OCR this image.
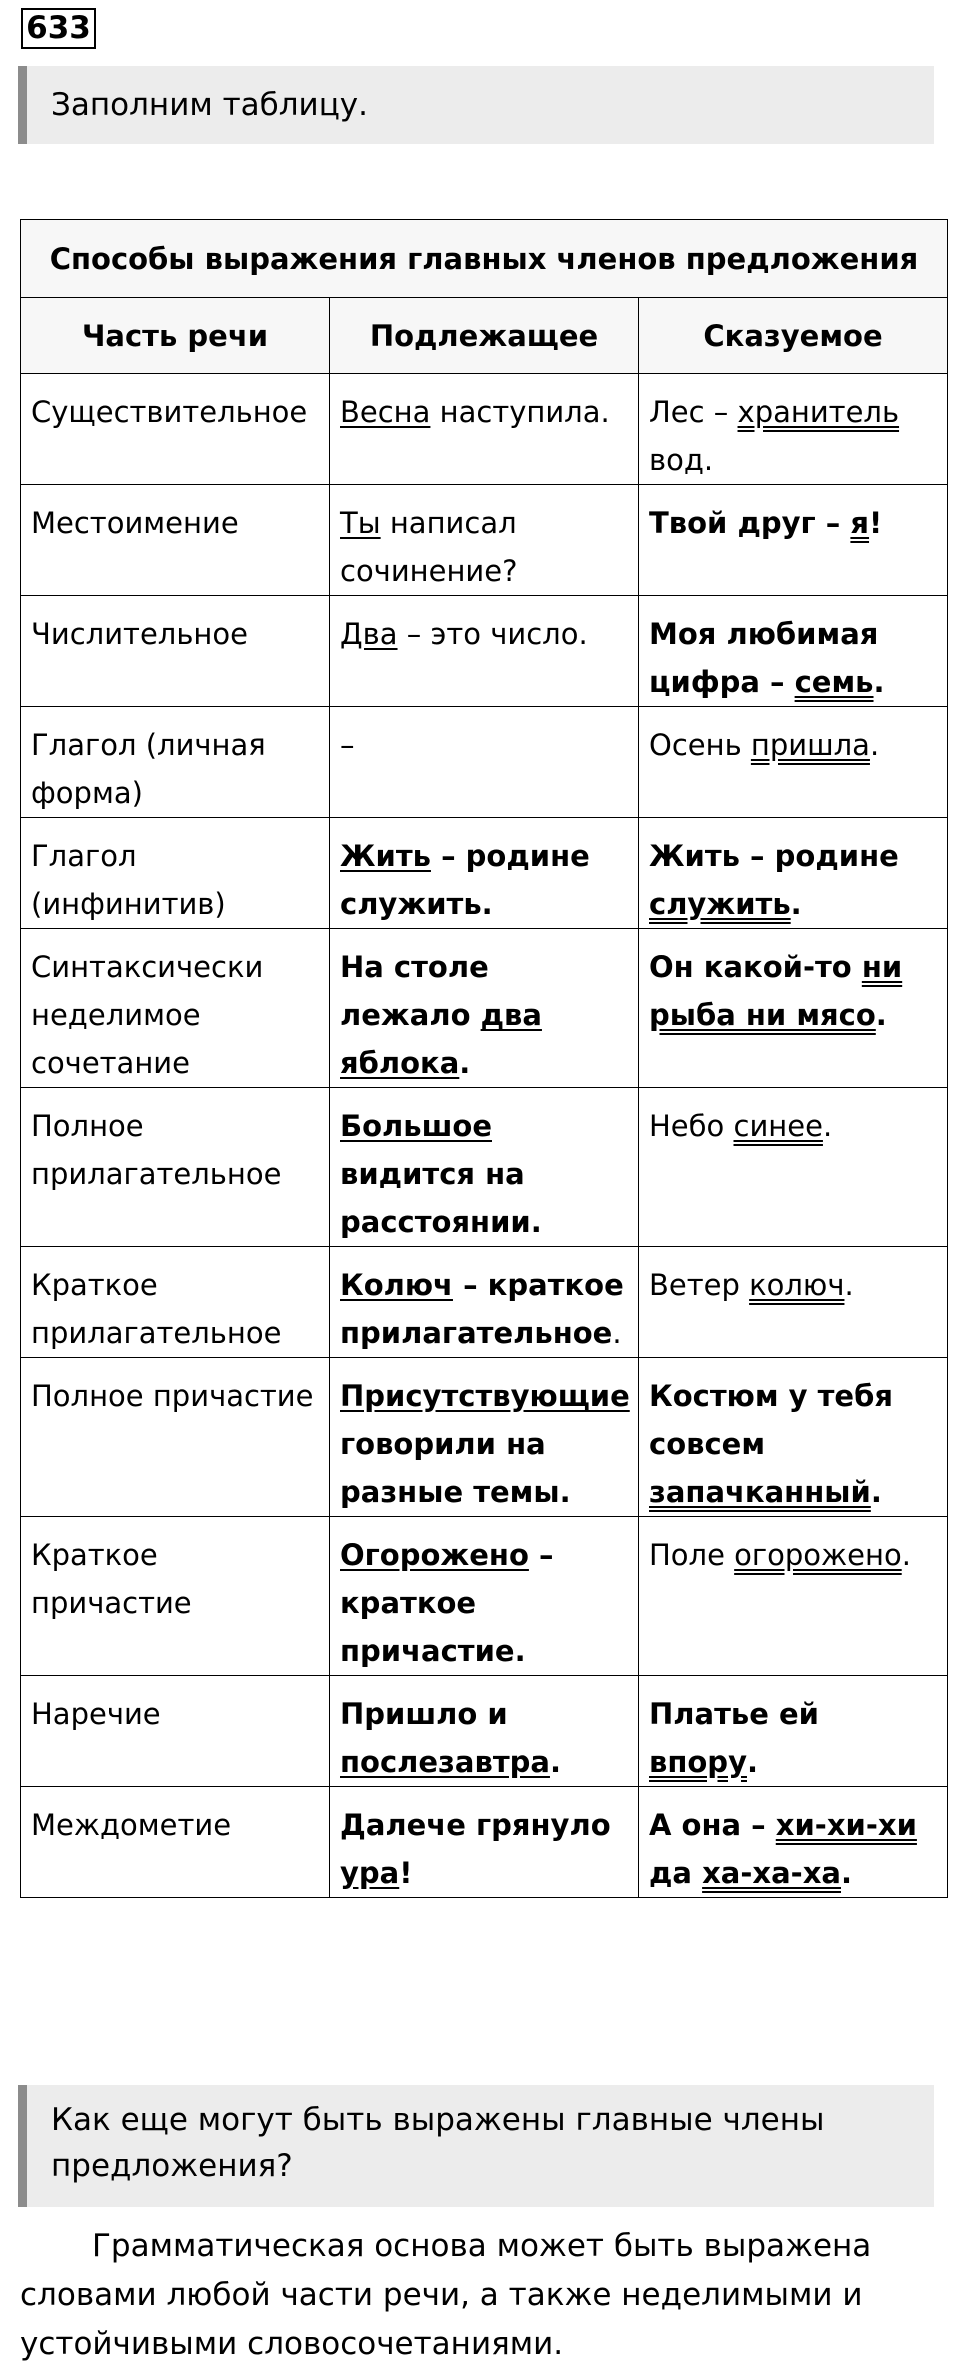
633
Заполним таблицу.
Способы выражения главных членов предложения		
Часть речи	Подлежащее	Сказуемое
Существительное	Весна наступила.	Лес – хранитель вод.
Местоимение	Ты написал сочинение?	Твой друг – я!
Числительное	Два – это число.	Моя любимая цифра – семь.
Глагол (личная форма)	–	Осень пришла.
Глагол (инфинитив)	Жить – родине служить.	Жить – родине служить.
Синтаксически неделимое сочетание	На столе лежало два яблока.	Он какой-то ни рыба ни мясо.
Полное прилагательное	Большое видится на расстоянии.	Небо синее.
Краткое прилагательное	Колюч – краткое прилагательное.	Ветер колюч.
Полное причастие	Присутствующие говорили на разные темы.	Костюм у тебя совсем запачканный.
Краткое причастие	Огорожено – краткое причастие.	Поле огорожено.
Наречие	Пришло и послезавтра.	Платье ей впору.
Междометие	Далече грянуло ура!	А она – хи-хи-хи да ха-ха-ха.
Как еще могут быть выражены главные члены предложения?
Грамматическая основа может быть выражена словами любой части речи, а также неделимыми и устойчивыми словосочетаниями.
